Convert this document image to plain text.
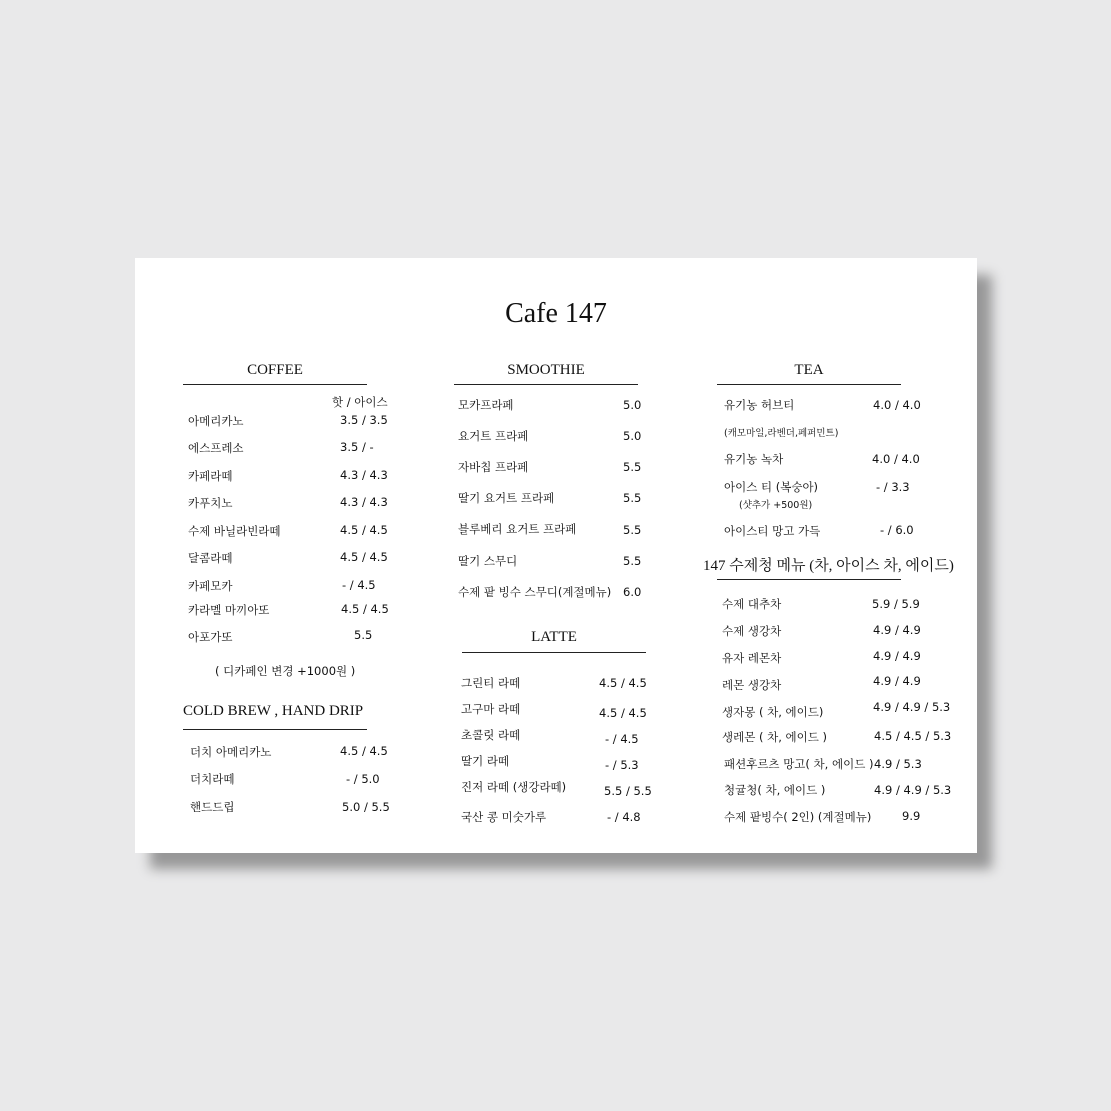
Cafe 147
COFFEE
핫 / 아이스
아메리카노	3.5 / 3.5
에스프레소	3.5 / -
카페라떼	4.3 / 4.3
카푸치노	4.3 / 4.3
수제 바닐라빈라떼	4.5 / 4.5
달콤라떼	4.5 / 4.5
카페모카	- / 4.5
카라멜 마끼아또	4.5 / 4.5
아포가또	5.5
( 디카페인 변경 +1000원 )
COLD BREW , HAND DRIP
더치 아메리카노	4.5 / 4.5
더치라떼	- / 5.0
핸드드립	5.0 / 5.5
SMOOTHIE
모카프라페	5.0
요거트 프라페	5.0
자바칩 프라페	5.5
딸기 요거트 프라페	5.5
블루베리 요거트 프라페	5.5
딸기 스무디	5.5
수제 팥 빙수 스무디(계절메뉴) 6.0
LATTE
그린티 라떼	4.5 / 4.5
고구마 라떼	4.5 / 4.5
초콜릿 라떼	- / 4.5
딸기 라떼	- / 5.3
진저 라떼 (생강라떼)	5.5 / 5.5
국산 콩 미숫가루	- / 4.8
TEA
유기농 허브티	4.0 / 4.0
(캐모마일,라벤더,페퍼민트)
유기농 녹차	4.0 / 4.0
아이스 티 (복숭아)	- / 3.3
(샷추가 +500원)
아이스티 망고 가득	- / 6.0
147 수제청 메뉴 (차, 아이스 차, 에이드)
수제 대추차	5.9 / 5.9
수제 생강차	4.9 / 4.9
유자 레몬차	4.9 / 4.9
레몬 생강차	4.9 / 4.9
생자몽 ( 차, 에이드)	4.9 / 4.9 / 5.3
생레몬 ( 차, 에이드 )	4.5 / 4.5 / 5.3
패션후르츠 망고( 차, 에이드 ) 4.9 / 5.3
청귤청( 차, 에이드 )	4.9 / 4.9 / 5.3
수제 팥빙수( 2인) (계절메뉴)	9.9
